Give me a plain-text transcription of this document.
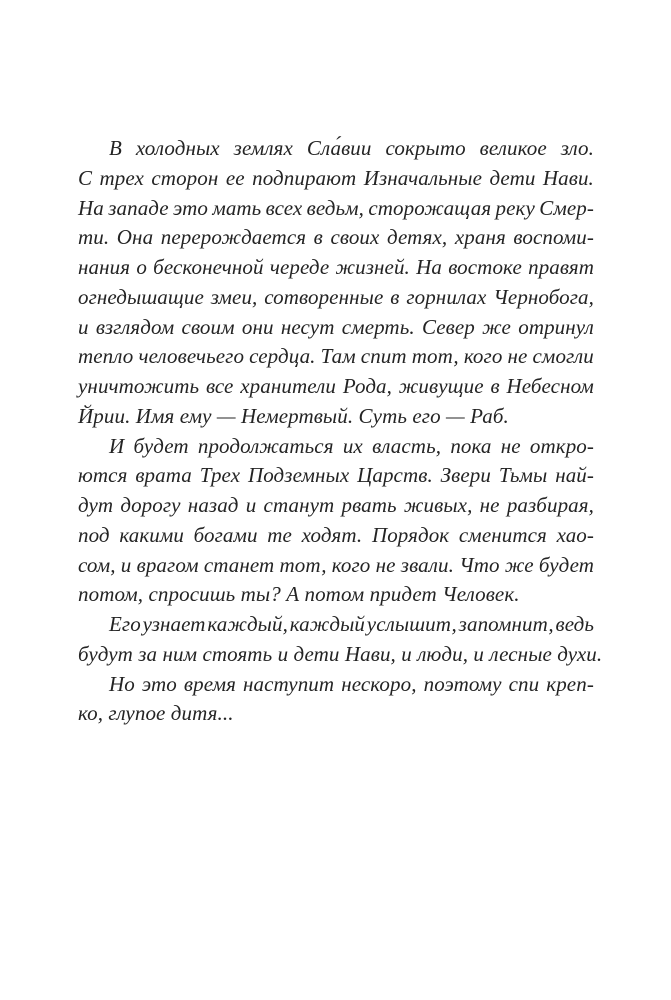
В холодных землях Сла́вии сокрыто великое зло.
С трех сторон ее подпирают Изначальные дети Нави.
На западе это мать всех ведьм, сторожащая реку Смер-
ти. Она перерождается в своих детях, храня воспоми-
нания о бесконечной череде жизней. На востоке правят
огнедышащие змеи, сотворенные в горнилах Чернобога,
и взглядом своим они несут смерть. Север же отринул
тепло человечьего сердца. Там спит тот, кого не смогли
уничтожить все хранители Рода, живущие в Небесном
Йрии. Имя ему — Немертвый. Суть его — Раб.
И будет продолжаться их власть, пока не откро-
ются врата Трех Подземных Царств. Звери Тьмы най-
дут дорогу назад и станут рвать живых, не разбирая,
под какими богами те ходят. Порядок сменится хао-
сом, и врагом станет тот, кого не звали. Что же будет
потом, спросишь ты? А потом придет Человек.
Его узнает каждый, каждый услышит, запомнит, ведь
будут за ним стоять и дети Нави, и люди, и лесные духи.
Но это время наступит нескоро, поэтому спи креп-
ко, глупое дитя...
